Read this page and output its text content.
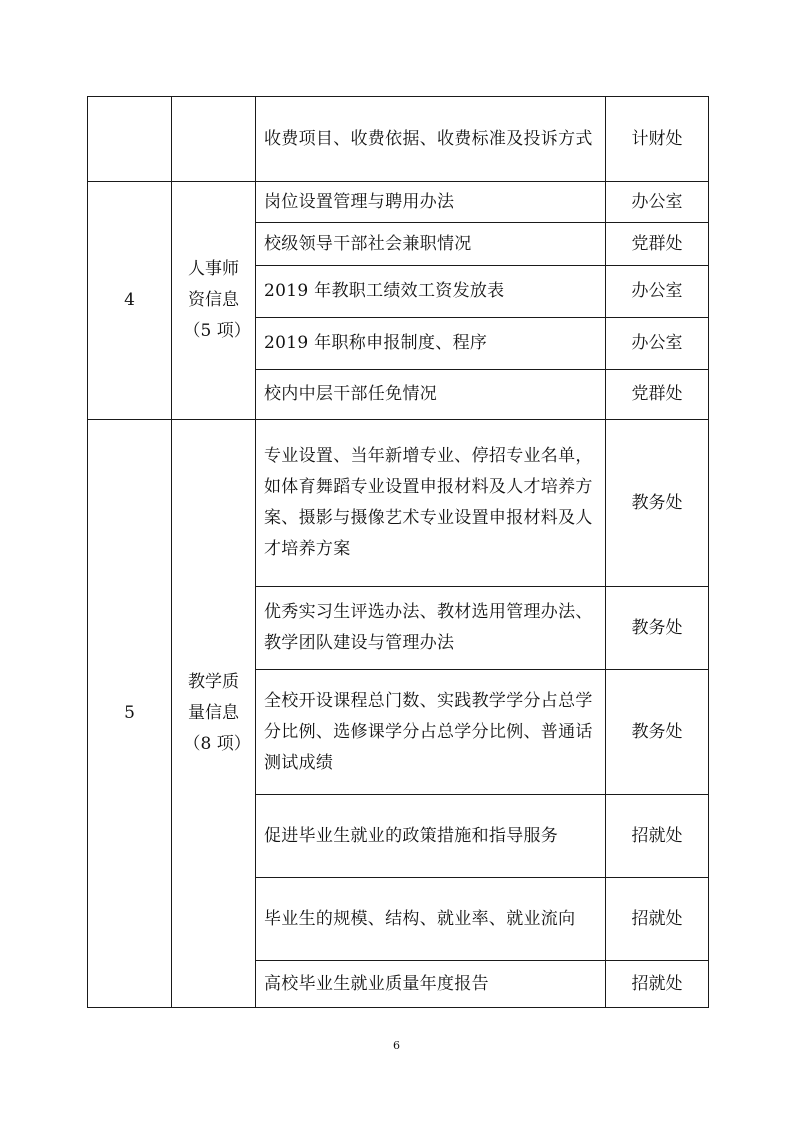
		收费项目、收费依据、收费标准及投诉方式	计财处
4	人事师资信息（5 项）	岗位设置管理与聘用办法	办公室

		校级领导干部社会兼职情况	党群处

		2019 年教职工绩效工资发放表	办公室

		2019 年职称申报制度、程序	办公室

		校内中层干部任免情况	党群处
5	教学质量信息（8 项）	专业设置、当年新增专业、停招专业名单，如体育舞蹈专业设置申报材料及人才培养方案、摄影与摄像艺术专业设置申报材料及人才培养方案	教务处

		优秀实习生评选办法、教材选用管理办法、教学团队建设与管理办法	教务处

		全校开设课程总门数、实践教学学分占总学分比例、选修课学分占总学分比例、普通话测试成绩	教务处

		促进毕业生就业的政策措施和指导服务	招就处

		毕业生的规模、结构、就业率、就业流向	招就处

		高校毕业生就业质量年度报告	招就处
6
